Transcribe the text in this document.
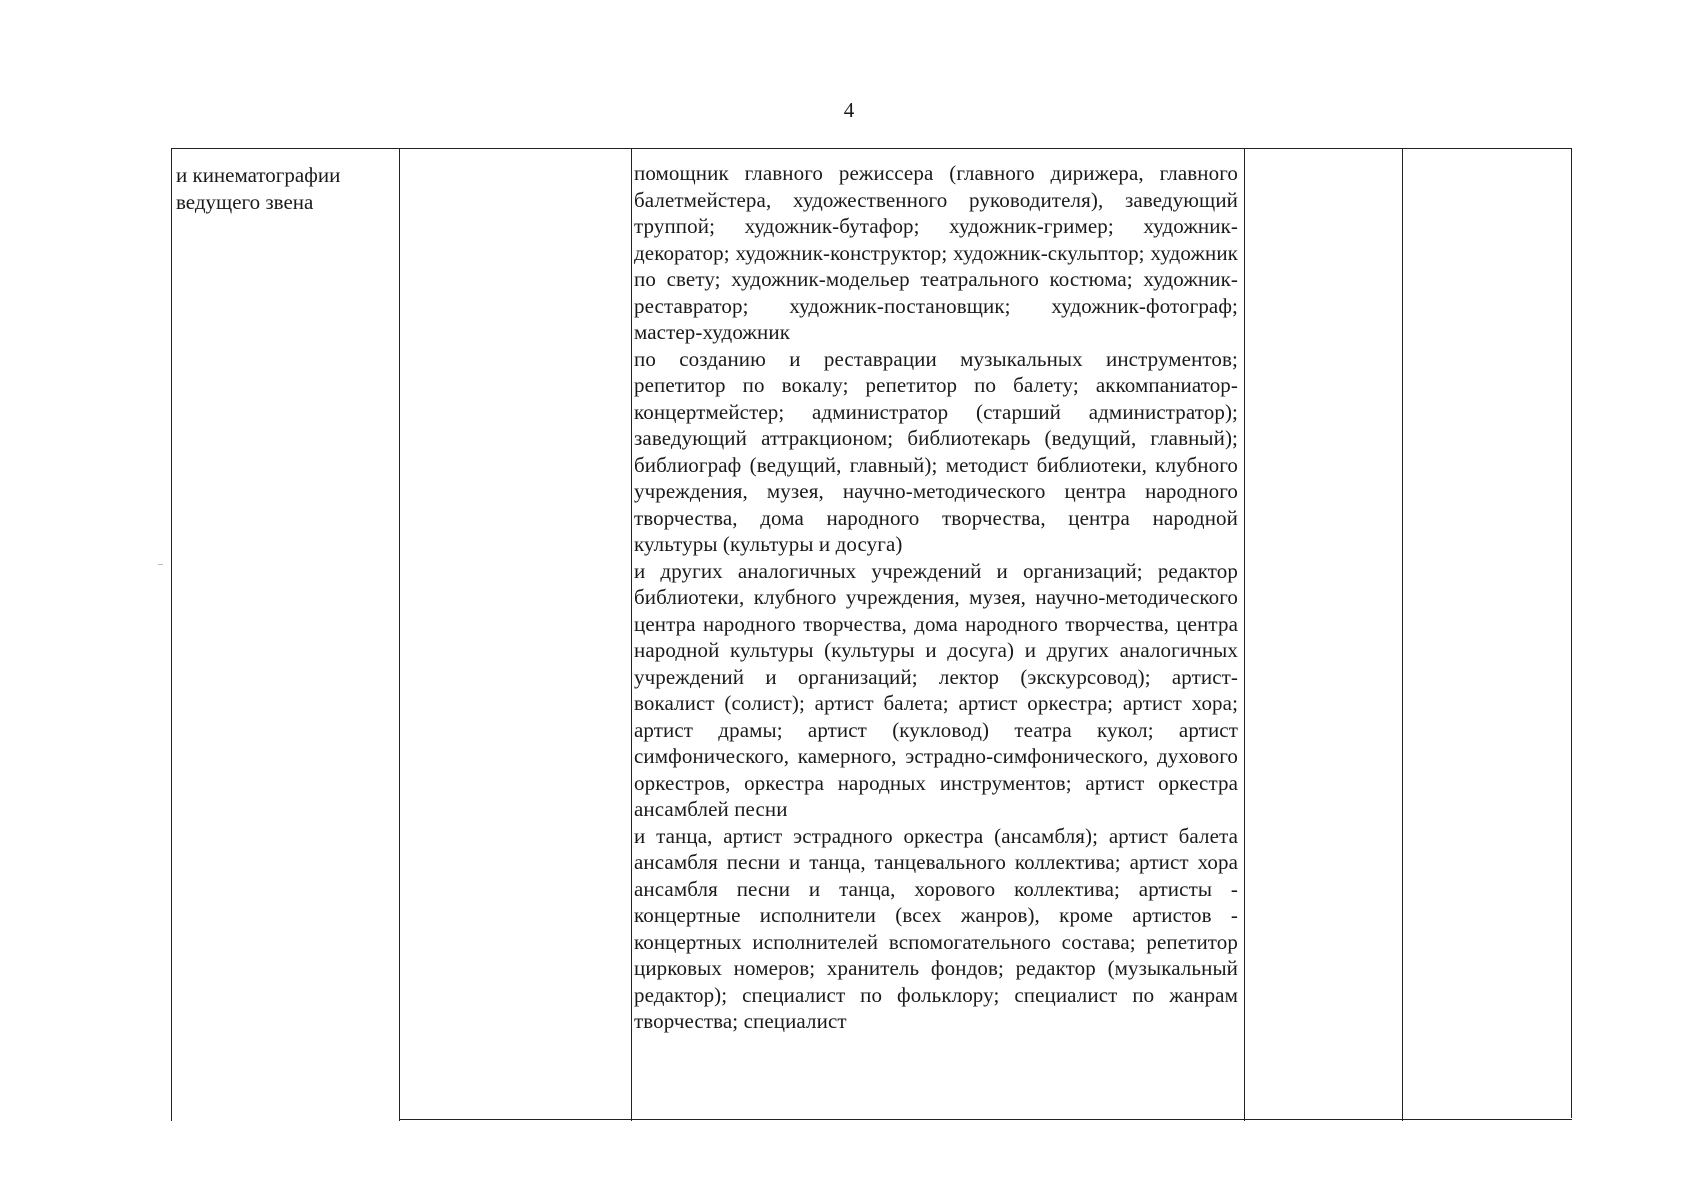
4
и кинематографии
ведущего звена
помощник главного режиссера (главного дирижера, главного балетмейстера, художественного руководителя), заведующий труппой; художник-бутафор; художник-гример; художник-декоратор; художник-конструктор; художник-скульптор; художник по свету; художник-модельер театрального костюма; художник-реставратор; художник-постановщик; художник-фотограф; мастер-художник
по созданию и реставрации музыкальных инструментов; репетитор по вокалу; репетитор по балету; аккомпаниатор-концертмейстер; администратор (старший администратор); заведующий аттракционом; библиотекарь (ведущий, главный); библиограф (ведущий, главный); методист библиотеки, клубного учреждения, музея, научно-методического центра народного творчества, дома народного творчества, центра народной культуры (культуры и досуга)
и других аналогичных учреждений и организаций; редактор библиотеки, клубного учреждения, музея, научно-методического центра народного творчества, дома народного творчества, центра народной культуры (культуры и досуга) и других аналогичных учреждений и организаций; лектор (экскурсовод); артист-вокалист (солист); артист балета; артист оркестра; артист хора; артист драмы; артист (кукловод) театра кукол; артист симфонического, камерного, эстрадно-симфонического, духового оркестров, оркестра народных инструментов; артист оркестра ансамблей песни
и танца, артист эстрадного оркестра (ансамбля); артист балета ансамбля песни и танца, танцевального коллектива; артист хора ансамбля песни и танца, хорового коллектива; артисты - концертные исполнители (всех жанров), кроме артистов - концертных исполнителей вспомогательного состава; репетитор цирковых номеров; хранитель фондов; редактор (музыкальный редактор); специалист по фольклору; специалист по жанрам творчества; специалист
